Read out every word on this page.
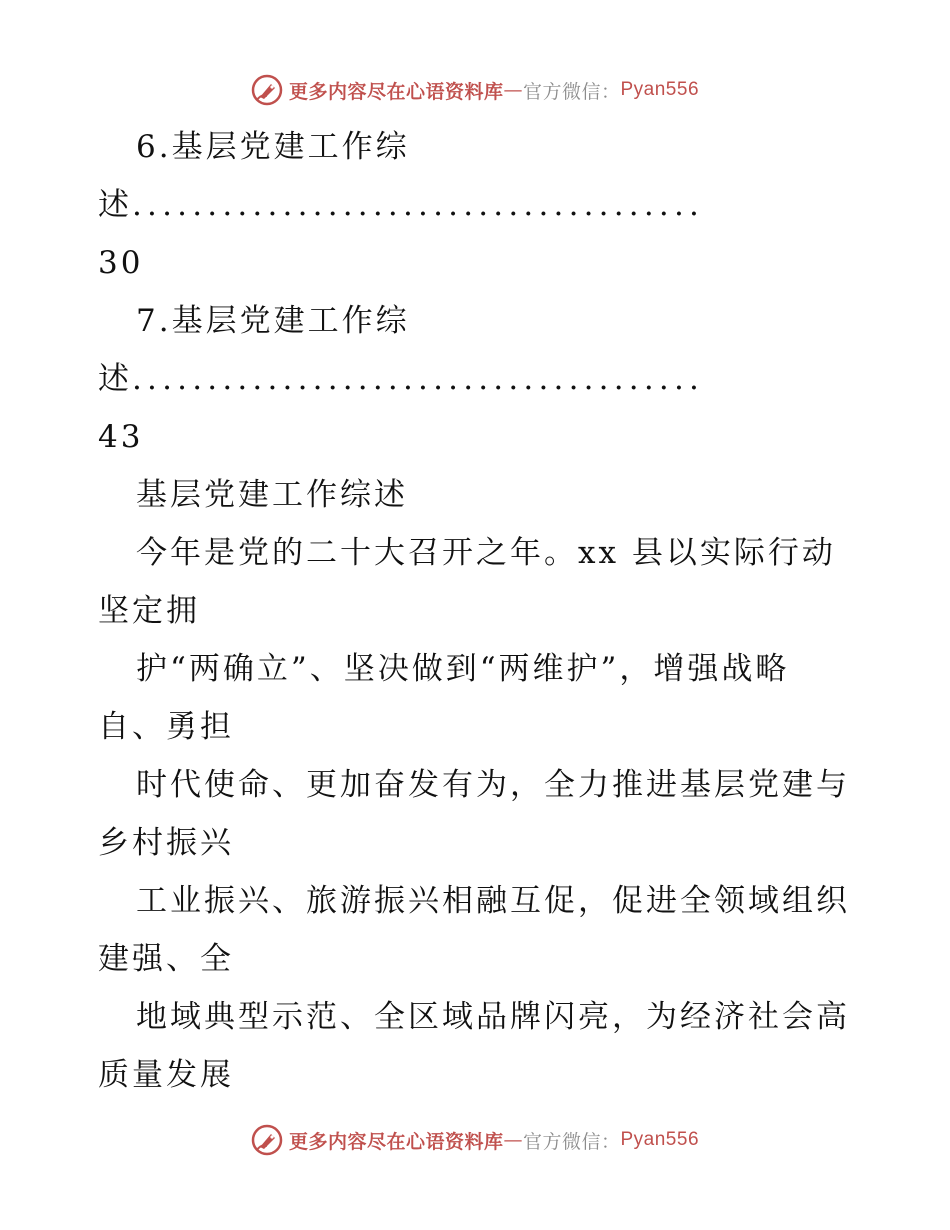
更多内容尽在心语资料库 — 官方微信： Pyan556
6.基层党建工作综
述......................................
30
7.基层党建工作综
述......................................
43
基层党建工作综述
今年是党的二十大召开之年。xx 县以实际行动
坚定拥
护“两确立”、坚决做到“两维护”，增强战略
自、勇担
时代使命、更加奋发有为，全力推进基层党建与
乡村振兴
工业振兴、旅游振兴相融互促，促进全领域组织
建强、全
地域典型示范、全区域品牌闪亮，为经济社会高
质量发展
更多内容尽在心语资料库 — 官方微信： Pyan556
